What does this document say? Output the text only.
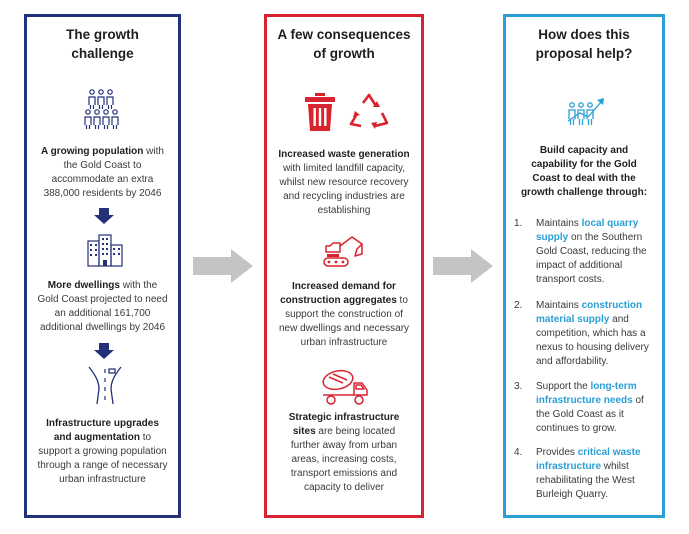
The growth
challenge
A growing population with
the Gold Coast to
accommodate an extra
388,000 residents by 2046
More dwellings with the
Gold Coast projected to need
an additional 161,700
additional dwellings by 2046
Infrastructure upgrades
and augmentation to
support a growing population
through a range of necessary
urban infrastructure
A few consequences
of growth
Increased waste generation
with limited landfill capacity,
whilst new resource recovery
and recycling industries are
establishing
Increased demand for
construction aggregates to
support the construction of
new dwellings and necessary
urban infrastructure
Strategic infrastructure
sites are being located
further away from urban
areas, increasing costs,
transport emissions and
capacity to deliver
How does this
proposal help?
Build capacity and
capability for the Gold
Coast to deal with the
growth challenge through:
1.	Maintains local quarry
supply on the Southern
Gold Coast, reducing the
impact of additional
transport costs.
2.	Maintains construction
material supply and
competition, which has a
nexus to housing delivery
and affordability.
3.	Support the long-term
infrastructure needs of
the Gold Coast as it
continues to grow.
4.	Provides critical waste
infrastructure whilst
rehabilitating the West
Burleigh Quarry.
